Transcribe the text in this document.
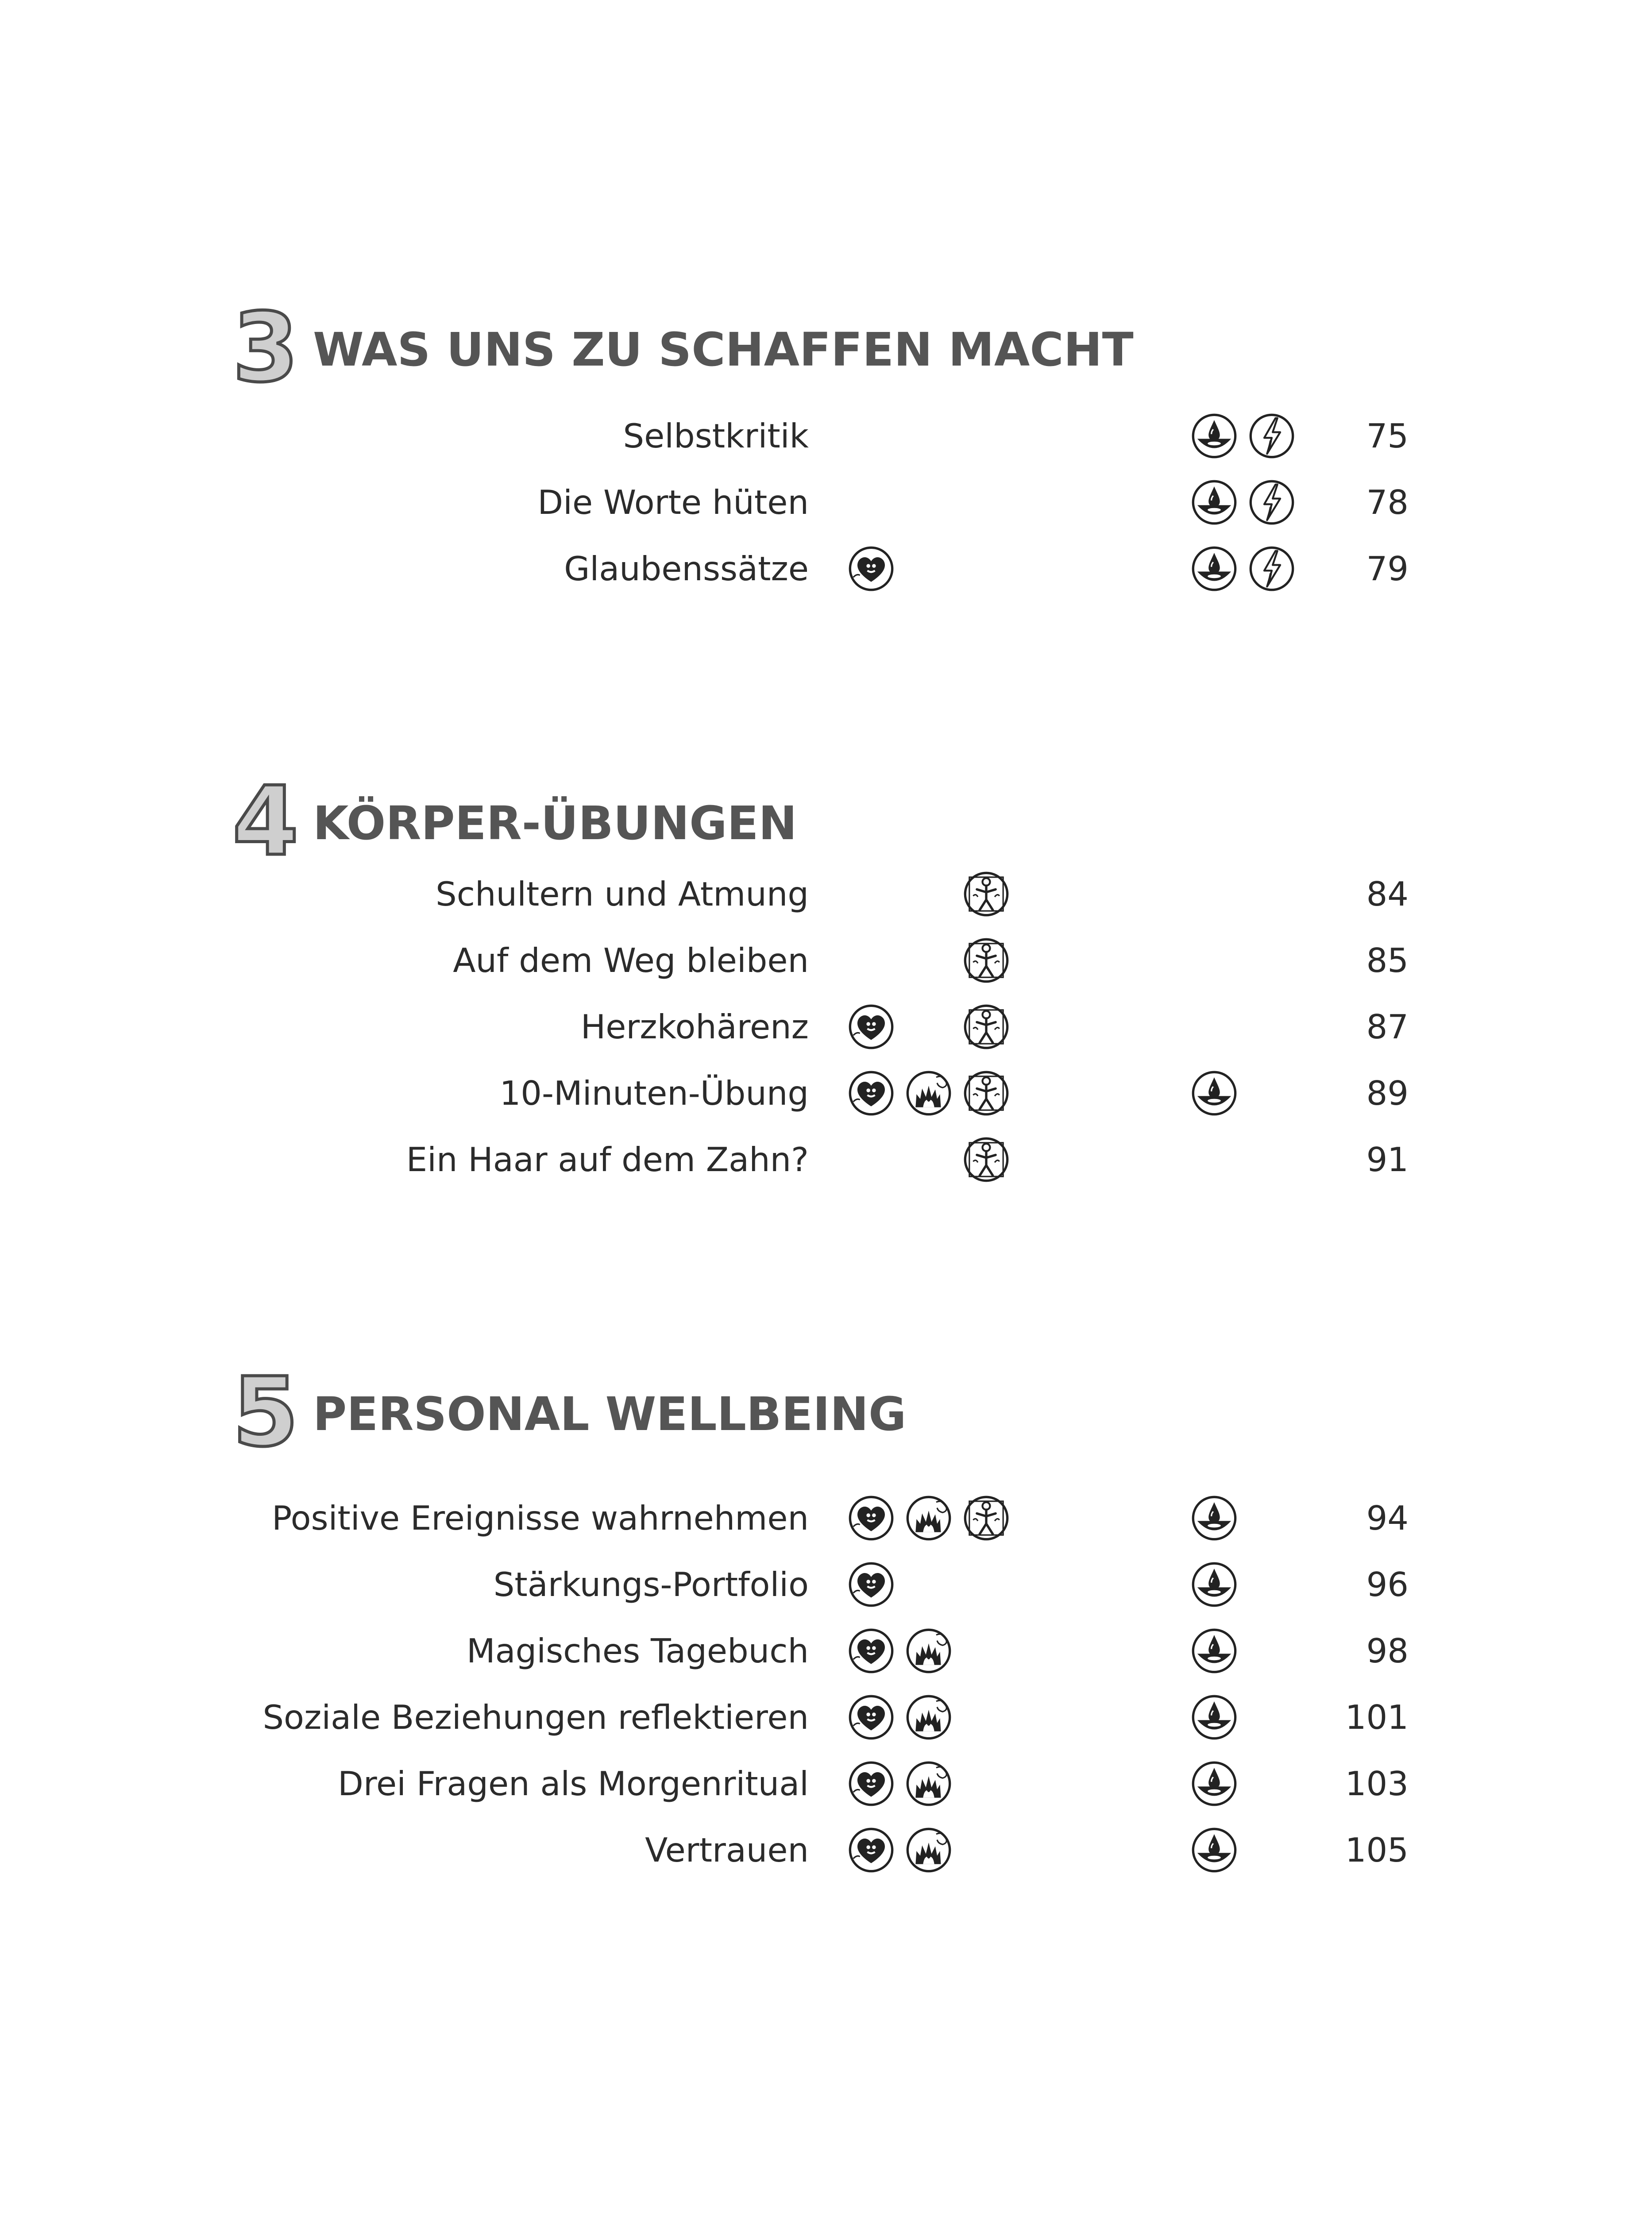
3 WAS UNS ZU SCHAFFEN MACHT
Selbstkritik	75
Die Worte hüten	78
Glaubenssätze	79
4 KÖRPER-ÜBUNGEN
Schultern und Atmung	84
Auf dem Weg bleiben	85
Herzkohärenz	87
10-Minuten-Übung	89
Ein Haar auf dem Zahn?	91
5 PERSONAL WELLBEING
Positive Ereignisse wahrnehmen	94
Stärkungs-Portfolio	96
Magisches Tagebuch	98
Soziale Beziehungen reflektieren	101
Drei Fragen als Morgenritual	103
Vertrauen	105
